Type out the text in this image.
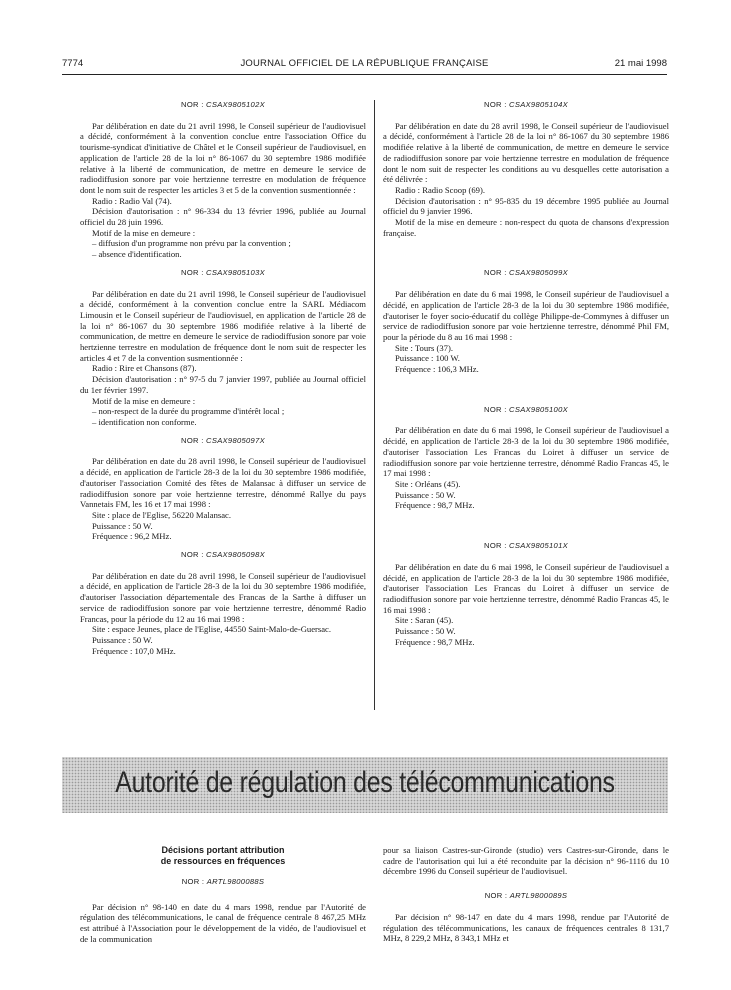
7774	JOURNAL OFFICIEL DE LA RÉPUBLIQUE FRANÇAISE	21 mai 1998
NOR : CSAX9805102X

Par délibération en date du 21 avril 1998, le Conseil supérieur de l'audiovisuel a décidé, conformément à la convention conclue entre l'association Office du tourisme-syndicat d'initiative de Châtel et le Conseil supérieur de l'audiovisuel, en application de l'article 28 de la loi n° 86-1067 du 30 septembre 1986 modifiée relative à la liberté de communication, de mettre en demeure le service de radiodiffusion sonore par voie hertzienne terrestre en modulation de fréquence dont le nom suit de respecter les articles 3 et 5 de la convention susmentionnée :

Radio : Radio Val (74).

Décision d'autorisation : n° 96-334 du 13 février 1996, publiée au Journal officiel du 28 juin 1996.

Motif de la mise en demeure :

– diffusion d'un programme non prévu par la convention ;

– absence d'identification.

NOR : CSAX9805103X

Par délibération en date du 21 avril 1998, le Conseil supérieur de l'audiovisuel a décidé, conformément à la convention conclue entre la SARL Médiacom Limousin et le Conseil supérieur de l'audiovisuel, en application de l'article 28 de la loi n° 86-1067 du 30 septembre 1986 modifiée relative à la liberté de communication, de mettre en demeure le service de radiodiffusion sonore par voie hertzienne terrestre en modulation de fréquence dont le nom suit de respecter les articles 4 et 7 de la convention susmentionnée :

Radio : Rire et Chansons (87).

Décision d'autorisation : n° 97-5 du 7 janvier 1997, publiée au Journal officiel du 1er février 1997.

Motif de la mise en demeure :

– non-respect de la durée du programme d'intérêt local ;

– identification non conforme.

NOR : CSAX9805097X

Par délibération en date du 28 avril 1998, le Conseil supérieur de l'audiovisuel a décidé, en application de l'article 28-3 de la loi du 30 septembre 1986 modifiée, d'autoriser l'association Comité des fêtes de Malansac à diffuser un service de radiodiffusion sonore par voie hertzienne terrestre, dénommé Rallye du pays Vannetais FM, les 16 et 17 mai 1998 :

Site : place de l'Eglise, 56220 Malansac.

Puissance : 50 W.

Fréquence : 96,2 MHz.

NOR : CSAX9805098X

Par délibération en date du 28 avril 1998, le Conseil supérieur de l'audiovisuel a décidé, en application de l'article 28-3 de la loi du 30 septembre 1986 modifiée, d'autoriser l'association départementale des Francas de la Sarthe à diffuser un service de radiodiffusion sonore par voie hertzienne terrestre, dénommé Radio Francas, pour la période du 12 au 16 mai 1998 :

Site : espace Jeunes, place de l'Eglise, 44550 Saint-Malo-de-Guersac.

Puissance : 50 W.

Fréquence : 107,0 MHz.

NOR : CSAX9805104X

Par délibération en date du 28 avril 1998, le Conseil supérieur de l'audiovisuel a décidé, conformément à l'article 28 de la loi n° 86-1067 du 30 septembre 1986 modifiée relative à la liberté de communication, de mettre en demeure le service de radiodiffusion sonore par voie hertzienne terrestre en modulation de fréquence dont le nom suit de respecter les conditions au vu desquelles cette autorisation a été délivrée :

Radio : Radio Scoop (69).

Décision d'autorisation : n° 95-835 du 19 décembre 1995 publiée au Journal officiel du 9 janvier 1996.

Motif de la mise en demeure : non-respect du quota de chansons d'expression française.

NOR : CSAX9805099X

Par délibération en date du 6 mai 1998, le Conseil supérieur de l'audiovisuel a décidé, en application de l'article 28-3 de la loi du 30 septembre 1986 modifiée, d'autoriser le foyer socio-éducatif du collège Philippe-de-Commynes à diffuser un service de radiodiffusion sonore par voie hertzienne terrestre, dénommé Phil FM, pour la période du 8 au 16 mai 1998 :

Site : Tours (37).

Puissance : 100 W.

Fréquence : 106,3 MHz.

NOR : CSAX9805100X

Par délibération en date du 6 mai 1998, le Conseil supérieur de l'audiovisuel a décidé, en application de l'article 28-3 de la loi du 30 septembre 1986 modifiée, d'autoriser l'association Les Francas du Loiret à diffuser un service de radiodiffusion sonore par voie hertzienne terrestre, dénommé Radio Francas 45, le 17 mai 1998 :

Site : Orléans (45).

Puissance : 50 W.

Fréquence : 98,7 MHz.

NOR : CSAX9805101X

Par délibération en date du 6 mai 1998, le Conseil supérieur de l'audiovisuel a décidé, en application de l'article 28-3 de la loi du 30 septembre 1986 modifiée, d'autoriser l'association Les Francas du Loiret à diffuser un service de radiodiffusion sonore par voie hertzienne terrestre, dénommé Radio Francas 45, le 16 mai 1998 :

Site : Saran (45).

Puissance : 50 W.

Fréquence : 98,7 MHz.

Autorité de régulation des télécommunications
Décisions portant attribution
de ressources en fréquences
NOR : ARTL9800088S

Par décision n° 98-140 en date du 4 mars 1998, rendue par l'Autorité de régulation des télécommunications, le canal de fréquence centrale 8 467,25 MHz est attribué à l'Association pour le développement de la vidéo, de l'audiovisuel et de la communication

pour sa liaison Castres-sur-Gironde (studio) vers Castres-sur-Gironde, dans le cadre de l'autorisation qui lui a été reconduite par la décision n° 96-1116 du 10 décembre 1996 du Conseil supérieur de l'audiovisuel.

NOR : ARTL9800089S

Par décision n° 98-147 en date du 4 mars 1998, rendue par l'Autorité de régulation des télécommunications, les canaux de fréquences centrales 8 131,7 MHz, 8 229,2 MHz, 8 343,1 MHz et
